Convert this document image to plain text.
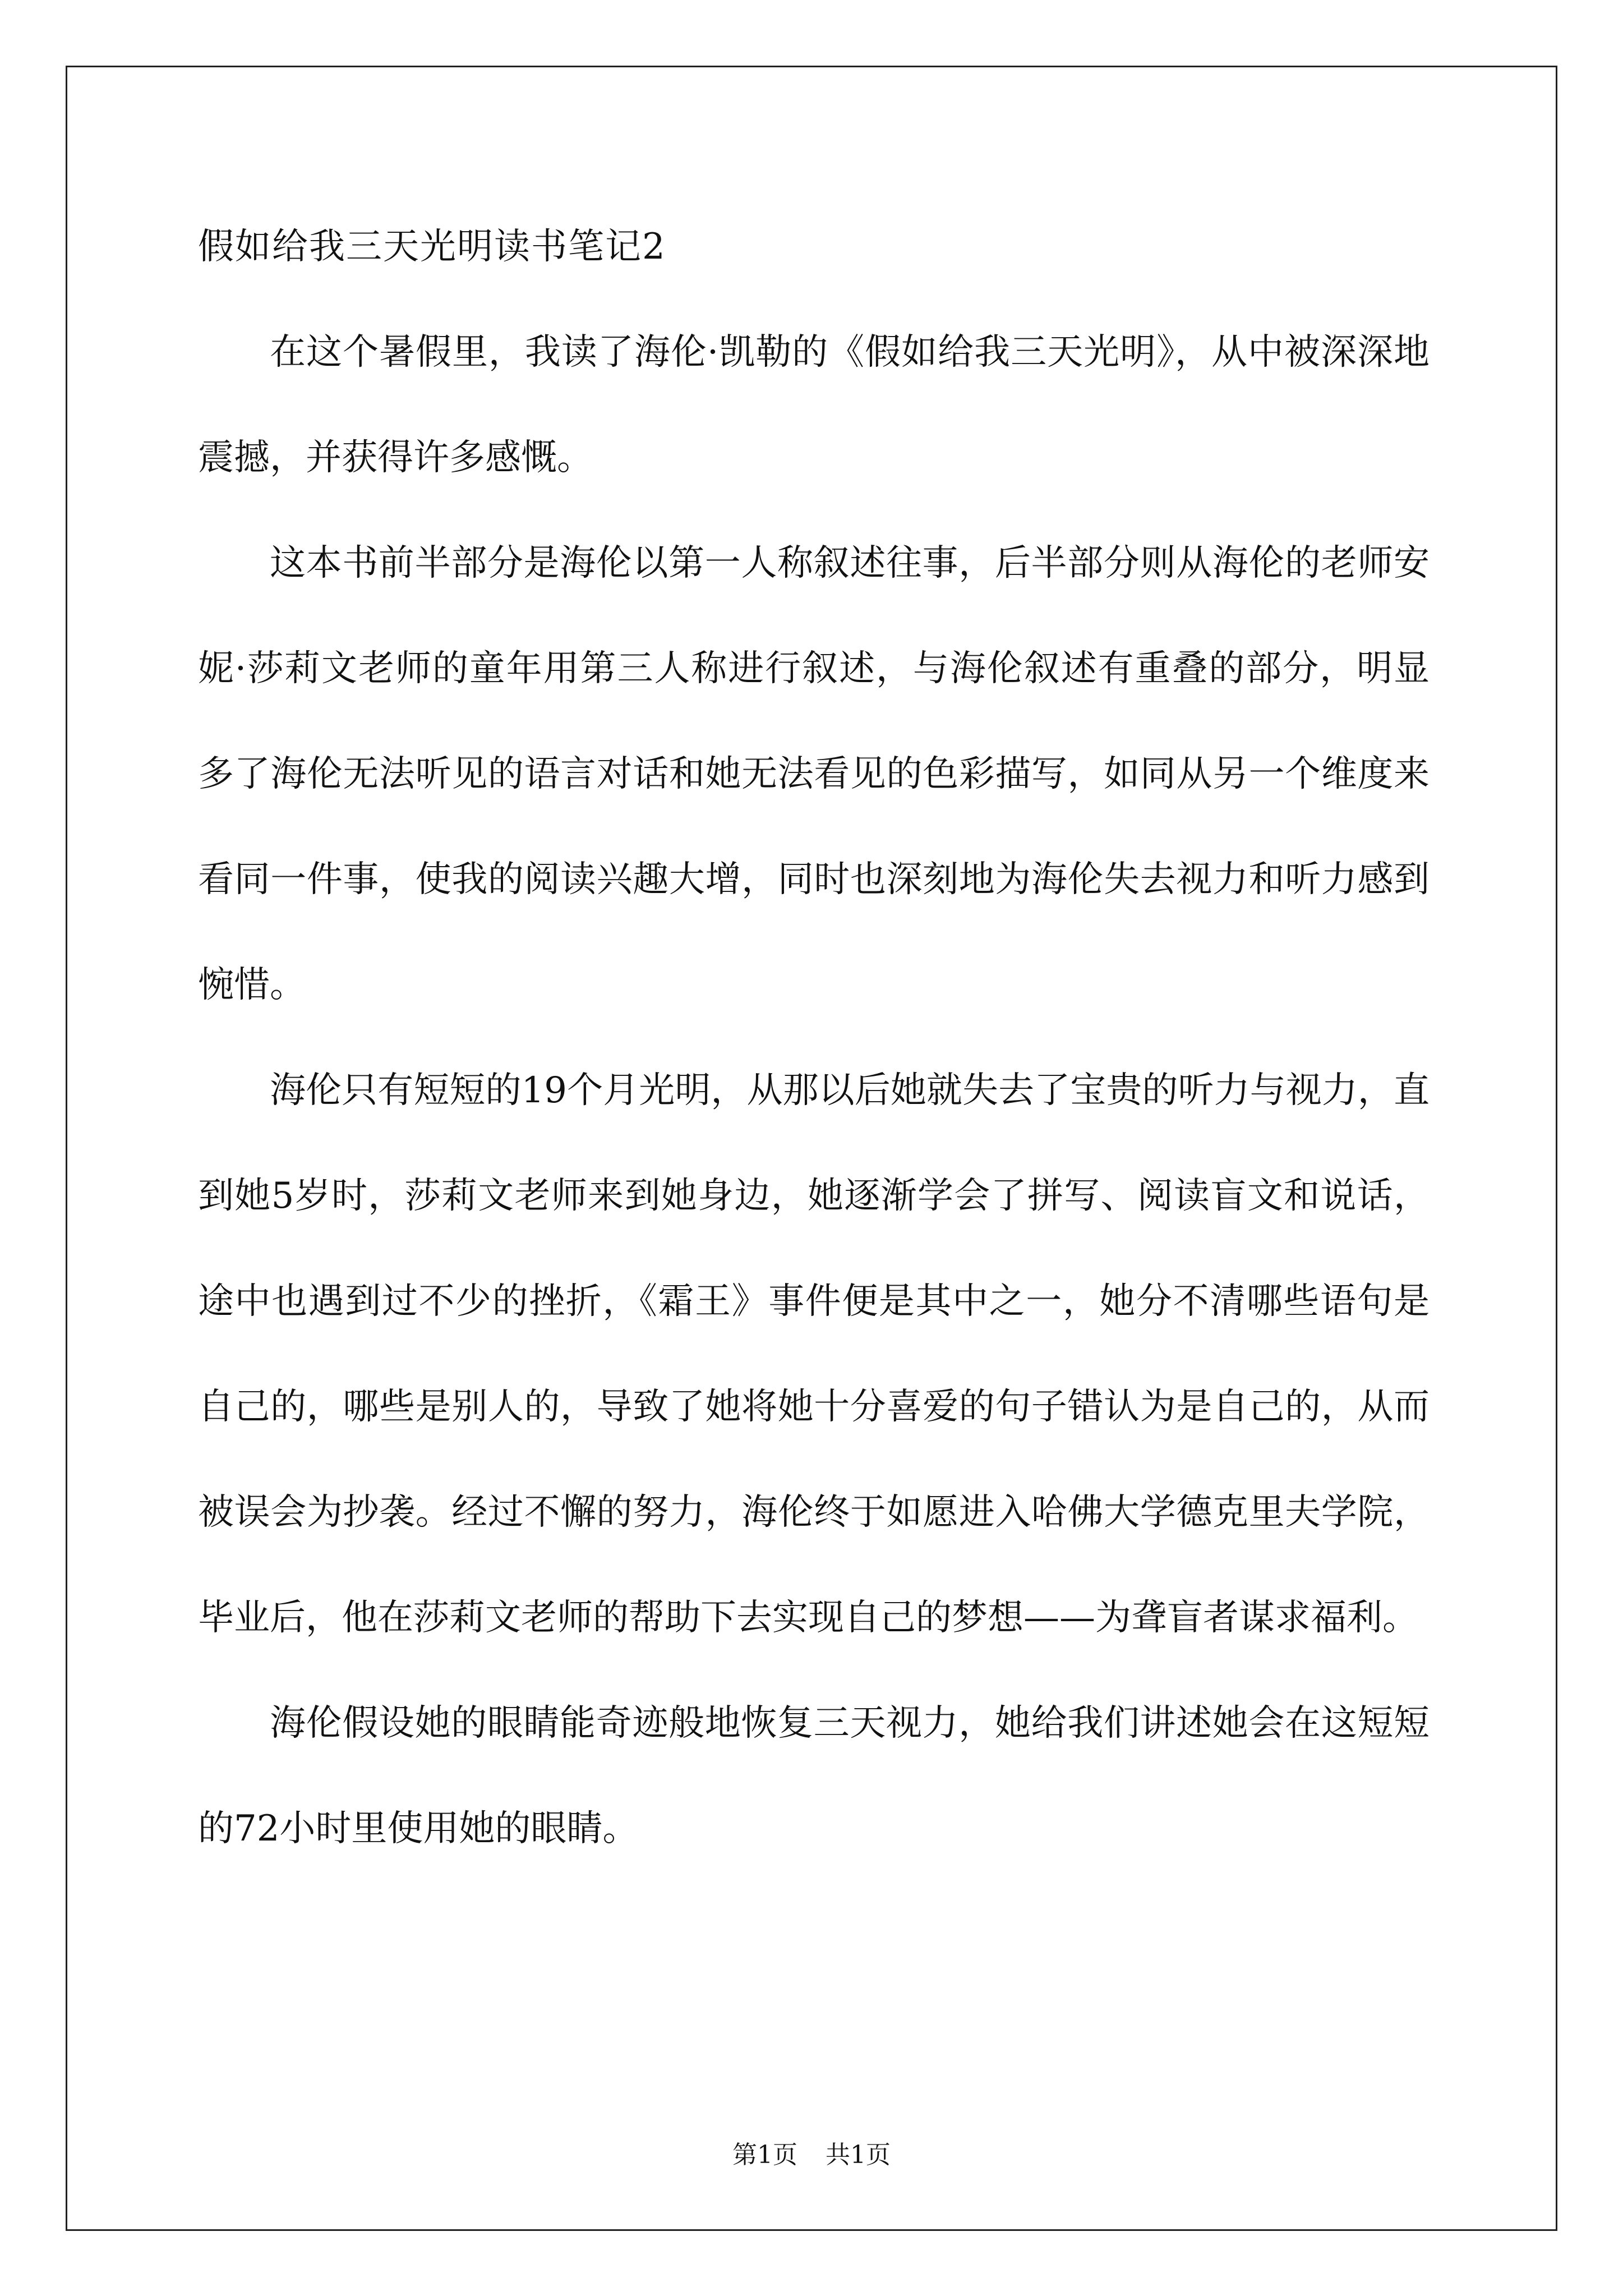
假如给我三天光明读书笔记2

在这个暑假里，我读了海伦·凯勒的《假如给我三天光明》，从中被深深地震撼，并获得许多感慨。

这本书前半部分是海伦以第一人称叙述往事，后半部分则从海伦的老师安妮·莎莉文老师的童年用第三人称进行叙述，与海伦叙述有重叠的部分，明显多了海伦无法听见的语言对话和她无法看见的色彩描写，如同从另一个维度来看同一件事，使我的阅读兴趣大增，同时也深刻地为海伦失去视力和听力感到惋惜。

海伦只有短短的19个月光明，从那以后她就失去了宝贵的听力与视力，直到她5岁时，莎莉文老师来到她身边，她逐渐学会了拼写、阅读盲文和说话，途中也遇到过不少的挫折，《霜王》事件便是其中之一，她分不清哪些语句是自己的，哪些是别人的，导致了她将她十分喜爱的句子错认为是自己的，从而被误会为抄袭。经过不懈的努力，海伦终于如愿进入哈佛大学德克里夫学院，毕业后，他在莎莉文老师的帮助下去实现自己的梦想——为聋盲者谋求福利。

海伦假设她的眼睛能奇迹般地恢复三天视力，她给我们讲述她会在这短短的72小时里使用她的眼睛。

第1页 共1页
